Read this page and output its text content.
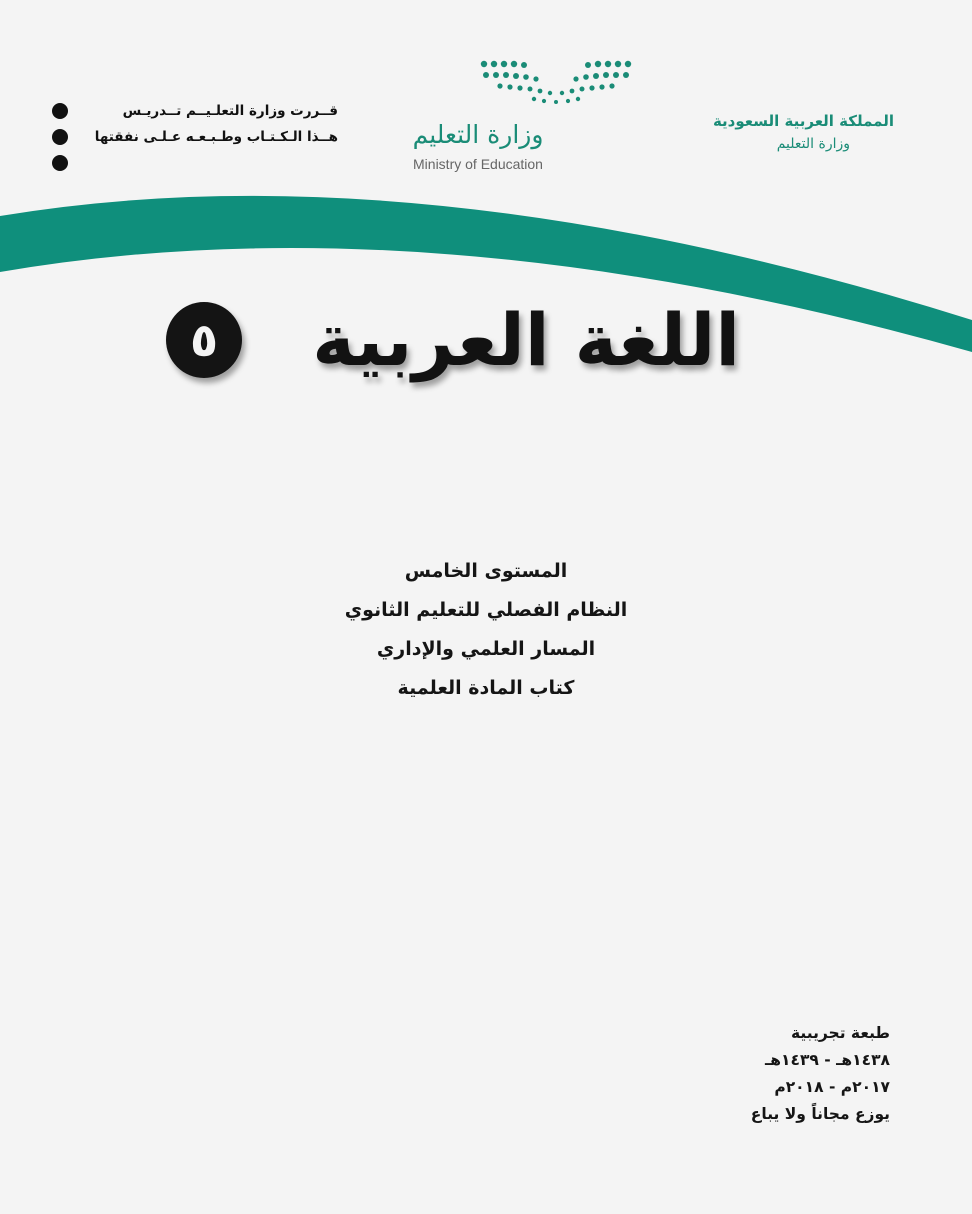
المملكة العربية السعودية
وزارة التعليم
وزارة التعليم
Ministry of Education
قــررت وزارة التعلـيــم تــدريـس
هــذا الـكـتـاب وطـبـعـه عـلـى نفقتها
اللغة العربية
٥
المستوى الخامس
النظام الفصلي للتعليم الثانوي
المسار العلمي والإداري
كتاب المادة العلمية
طبعة تجريبية
١٤٣٨هـ - ١٤٣٩هـ
٢٠١٧م - ٢٠١٨م
يوزع مجاناً ولا يباع
